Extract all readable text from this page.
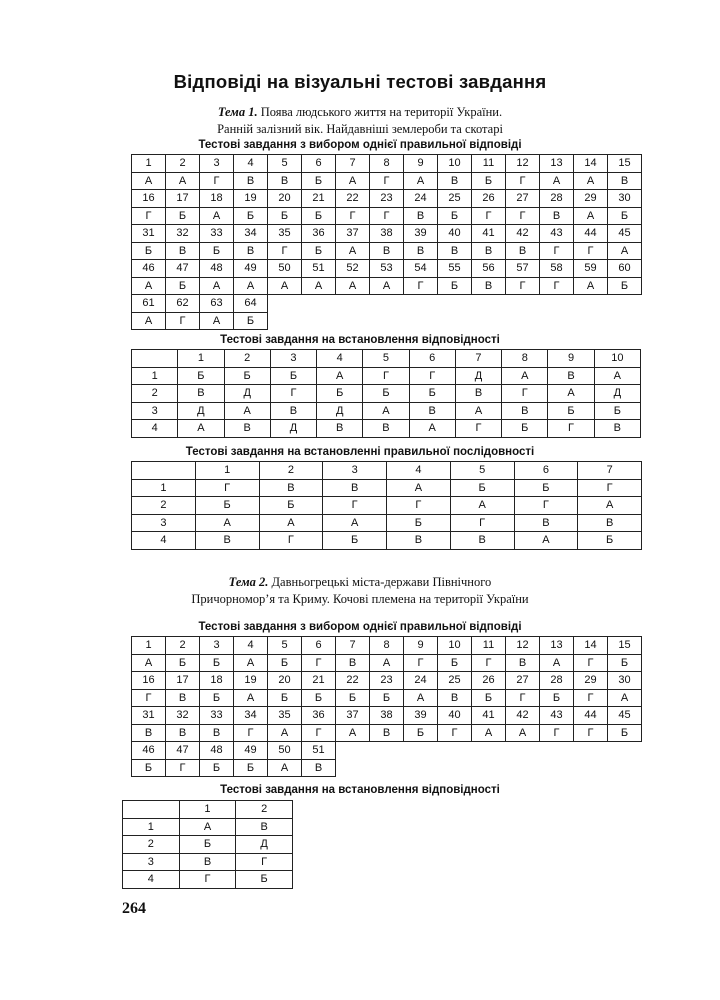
Відповіді на візуальні тестові завдання
Тема 1. Поява людського життя на території України.
Ранній залізний вік. Найдавніші землероби та скотарі
Тестові завдання з вибором однієї правильної відповіді
1	2	3	4	5	6	7	8	9	10	11	12	13	14	15
А	А	Г	В	В	Б	А	Г	А	В	Б	Г	А	А	В
16	17	18	19	20	21	22	23	24	25	26	27	28	29	30
Г	Б	А	Б	Б	Б	Г	Г	В	Б	Г	Г	В	А	Б
31	32	33	34	35	36	37	38	39	40	41	42	43	44	45
Б	В	Б	В	Г	Б	А	В	В	В	В	В	Г	Г	А
46	47	48	49	50	51	52	53	54	55	56	57	58	59	60
А	Б	А	А	А	А	А	А	Г	Б	В	Г	Г	А	Б
61	62	63	64											
А	Г	А	Б											
Тестові завдання на встановлення відповідності
	1	2	3	4	5	6	7	8	9	10
1	Б	Б	Б	А	Г	Г	Д	А	В	А
2	В	Д	Г	Б	Б	Б	В	Г	А	Д
3	Д	А	В	Д	А	В	А	В	Б	Б
4	А	В	Д	В	В	А	Г	Б	Г	В
Тестові завдання на встановленні правильної послідовності
	1	2	3	4	5	6	7
1	Г	В	В	А	Б	Б	Г
2	Б	Б	Г	Г	А	Г	А
3	А	А	А	Б	Г	В	В
4	В	Г	Б	В	В	А	Б
Тема 2. Давньогрецькі міста-держави Північного
Причорномор’я та Криму. Кочові племена на території України
Тестові завдання з вибором однієї правильної відповіді
1	2	3	4	5	6	7	8	9	10	11	12	13	14	15
А	Б	Б	А	Б	Г	В	А	Г	Б	Г	В	А	Г	Б
16	17	18	19	20	21	22	23	24	25	26	27	28	29	30
Г	В	Б	А	Б	Б	Б	Б	А	В	Б	Г	Б	Г	А
31	32	33	34	35	36	37	38	39	40	41	42	43	44	45
В	В	В	Г	А	Г	А	В	Б	Г	А	А	Г	Г	Б
46	47	48	49	50	51									
Б	Г	Б	Б	А	В									
Тестові завдання на встановлення відповідності
	1	2
1	А	В
2	Б	Д
3	В	Г
4	Г	Б
264
